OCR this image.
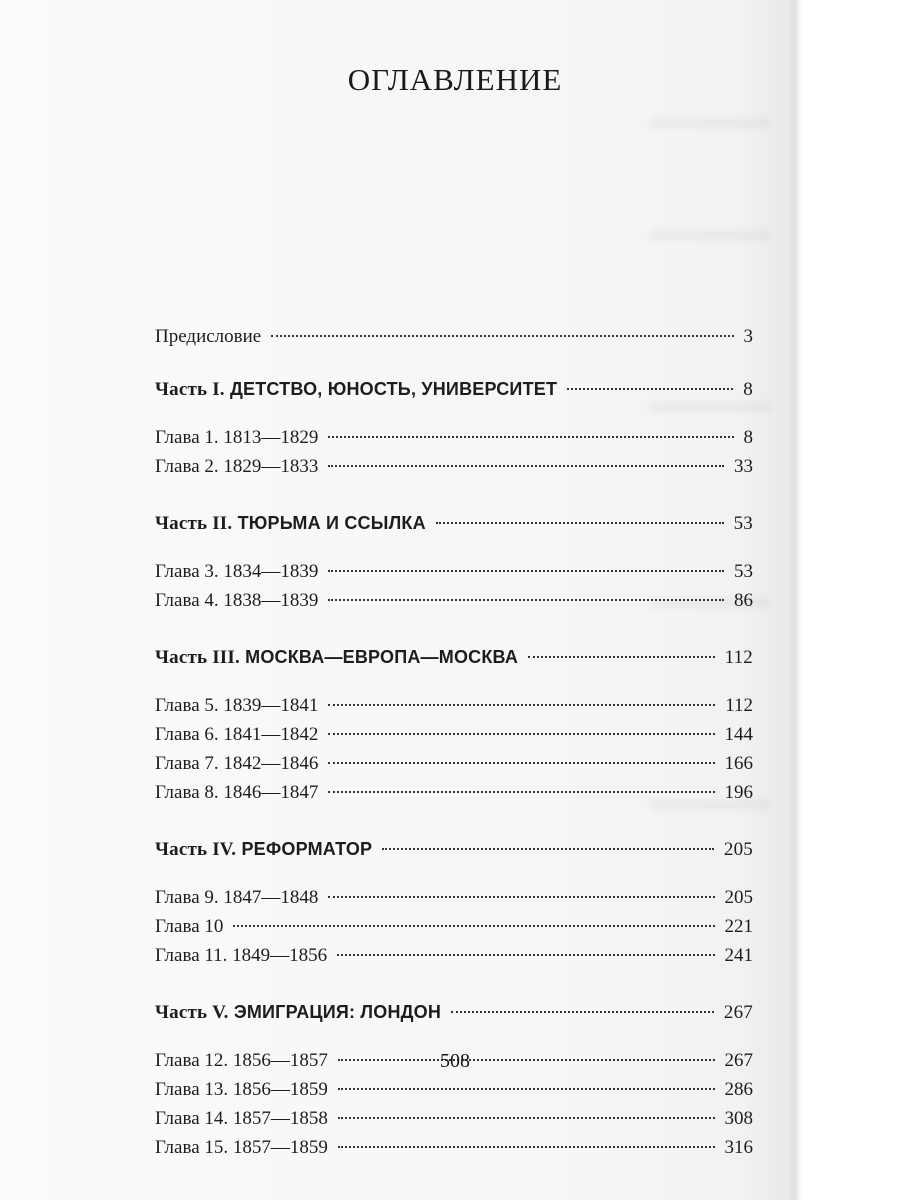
ОГЛАВЛЕНИЕ
Предисловие	3
Часть I. ДЕТСТВО, ЮНОСТЬ, УНИВЕРСИТЕТ	8
Глава 1. 1813—1829	8
Глава 2. 1829—1833	33
Часть II. ТЮРЬМА И ССЫЛКА	53
Глава 3. 1834—1839	53
Глава 4. 1838—1839	86
Часть III. МОСКВА—ЕВРОПА—МОСКВА	112
Глава 5. 1839—1841	112
Глава 6. 1841—1842	144
Глава 7. 1842—1846	166
Глава 8. 1846—1847	196
Часть IV. РЕФОРМАТОР	205
Глава 9. 1847—1848	205
Глава 10	221
Глава 11. 1849—1856	241
Часть V. ЭМИГРАЦИЯ: ЛОНДОН	267
Глава 12. 1856—1857	267
Глава 13. 1856—1859	286
Глава 14. 1857—1858	308
Глава 15. 1857—1859	316
508
